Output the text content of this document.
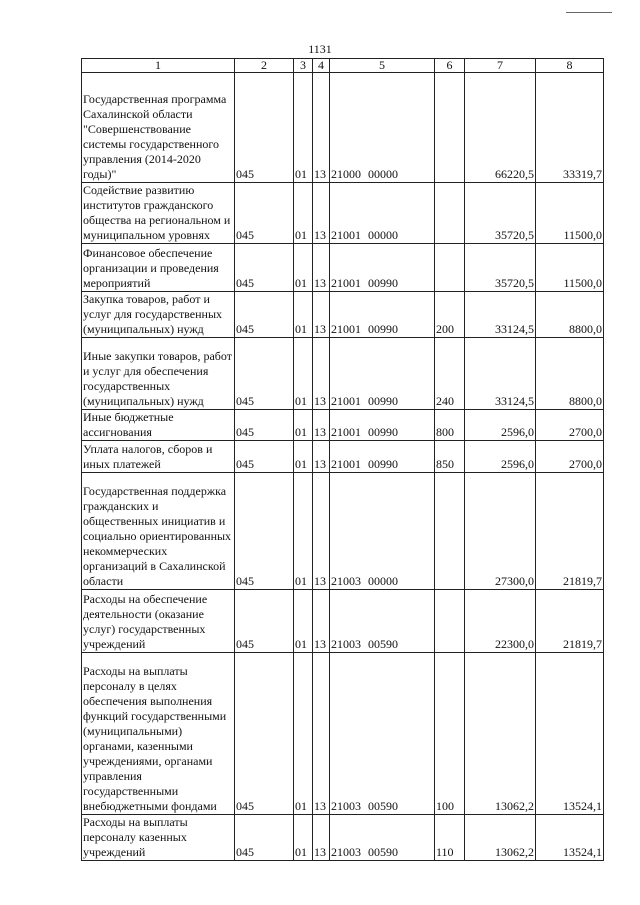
1131
1	2	3	4	5	6	7	8
Государственная программа Сахалинской области "Совершенствование системы государственного управления (2014-2020 годы)"	045	01	13	21000 00000		66220,5	33319,7
Содействие развитию институтов гражданского общества на региональном и муниципальном уровнях	045	01	13	21001 00000		35720,5	11500,0
Финансовое обеспечение организации и проведения мероприятий	045	01	13	21001 00990		35720,5	11500,0
Закупка товаров, работ и услуг для государственных (муниципальных) нужд	045	01	13	21001 00990	200	33124,5	8800,0
Иные закупки товаров, работ и услуг для обеспечения государственных (муниципальных) нужд	045	01	13	21001 00990	240	33124,5	8800,0
Иные бюджетные ассигнования	045	01	13	21001 00990	800	2596,0	2700,0
Уплата налогов, сборов и иных платежей	045	01	13	21001 00990	850	2596,0	2700,0
Государственная поддержка гражданских и общественных инициатив и социально ориентированных некоммерческих организаций в Сахалинской области	045	01	13	21003 00000		27300,0	21819,7
Расходы на обеспечение деятельности (оказание услуг) государственных учреждений	045	01	13	21003 00590		22300,0	21819,7
Расходы на выплаты персоналу в целях обеспечения выполнения функций государственными (муниципальными) органами, казенными учреждениями, органами управления государственными внебюджетными фондами	045	01	13	21003 00590	100	13062,2	13524,1
Расходы на выплаты персоналу казенных учреждений	045	01	13	21003 00590	110	13062,2	13524,1
